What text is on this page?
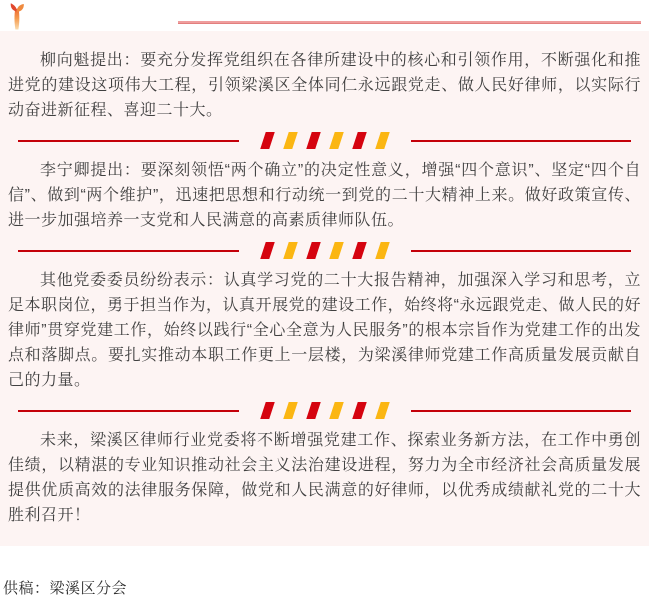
柳向魁提出：要充分发挥党组织在各律所建设中的核心和引领作用，不断强化和推进党的建设这项伟大工程，引领梁溪区全体同仁永远跟党走、做人民好律师，以实际行动奋进新征程、喜迎二十大。

李宁卿提出：要深刻领悟“两个确立”的决定性意义，增强“四个意识”、坚定“四个自信”、做到“两个维护”，迅速把思想和行动统一到党的二十大精神上来。做好政策宣传、进一步加强培养一支党和人民满意的高素质律师队伍。

其他党委委员纷纷表示：认真学习党的二十大报告精神，加强深入学习和思考，立足本职岗位，勇于担当作为，认真开展党的建设工作，始终将“永远跟党走、做人民的好律师”贯穿党建工作，始终以践行“全心全意为人民服务”的根本宗旨作为党建工作的出发点和落脚点。要扎实推动本职工作更上一层楼，为梁溪律师党建工作高质量发展贡献自己的力量。

未来，梁溪区律师行业党委将不断增强党建工作、探索业务新方法，在工作中勇创佳绩，以精湛的专业知识推动社会主义法治建设进程，努力为全市经济社会高质量发展提供优质高效的法律服务保障，做党和人民满意的好律师，以优秀成绩献礼党的二十大胜利召开！

供稿：梁溪区分会
